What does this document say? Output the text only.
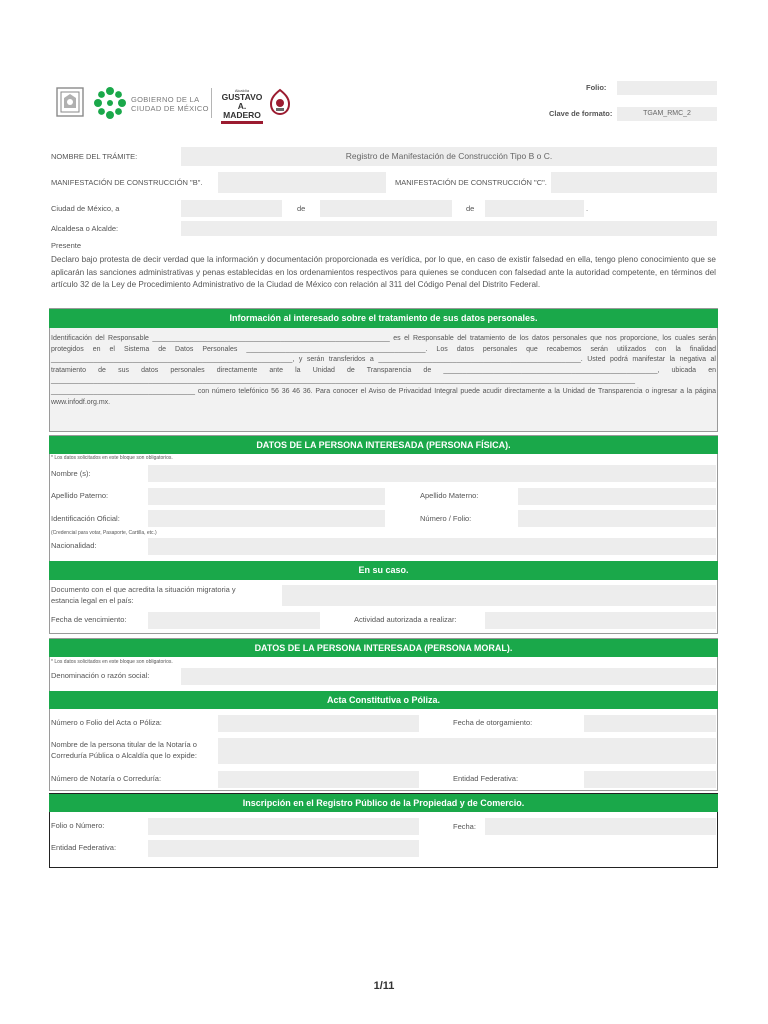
GOBIERNO DE LA
CIUDAD DE MÉXICO
Alcaldía
GUSTAVO
A. MADERO
Folio:
Clave de formato:	TGAM_RMC_2
NOMBRE DEL TRÁMITE:	Registro de Manifestación de Construcción Tipo B o C.
MANIFESTACIÓN DE CONSTRUCCIÓN "B".	MANIFESTACIÓN DE CONSTRUCCIÓN "C".
Ciudad de México, a	de	de	.
Alcaldesa o Alcalde:
Presente
Declaro bajo protesta de decir verdad que la información y documentación proporcionada es verídica, por lo que, en caso de existir falsedad en ella, tengo pleno conocimiento que se aplicarán las sanciones administrativas y penas establecidas en los ordenamientos respectivos para quienes se conducen con falsedad ante la autoridad competente, en términos del artículo 32 de la Ley de Procedimiento Administrativo de la Ciudad de México con relación al 311 del Código Penal del Distrito Federal.
Información al interesado sobre el tratamiento de sus datos personales.
Identificación del Responsable _____________________________________________________________ es el Responsable del tratamiento de los datos personales que nos proporcione, los cuales serán protegidos en el Sistema de Datos Personales ______________________________________________. Los datos personales que recabemos serán utilizados con la finalidad ______________________________________________________________, y serán transferidos a ____________________________________________________. Usted podrá manifestar la negativa al tratamiento de sus datos personales directamente ante la Unidad de Transparencia de _______________________________________________________, ubicada en ______________________________________________________________________________________________________________________________________________________ _____________________________________ con número telefónico 56 36 46 36. Para conocer el Aviso de Privacidad Integral puede acudir directamente a la Unidad de Transparencia o ingresar a la página www.infodf.org.mx.
DATOS DE LA PERSONA INTERESADA (PERSONA FÍSICA).
* Los datos solicitados en este bloque son obligatorios.
Nombre (s):
Apellido Paterno:	Apellido Materno:
Identificación Oficial:	Número / Folio:
(Credencial para votar, Pasaporte, Cartilla, etc.)
Nacionalidad:
En su caso.
Documento con el que acredita la situación migratoria y
estancia legal en el país:
Fecha de vencimiento:	Actividad autorizada a realizar:
DATOS DE LA PERSONA INTERESADA (PERSONA MORAL).
* Los datos solicitados en este bloque son obligatorios.
Denominación o razón social:
Acta Constitutiva o Póliza.
Número o Folio del Acta o Póliza:	Fecha de otorgamiento:
Nombre de la persona titular de la Notaría o
Correduría Pública o Alcaldía que lo expide:
Número de Notaría o Correduría:	Entidad Federativa:
Inscripción en el Registro Público de la Propiedad y de Comercio.
Folio o Número:	Fecha:
Entidad Federativa:
1/11
